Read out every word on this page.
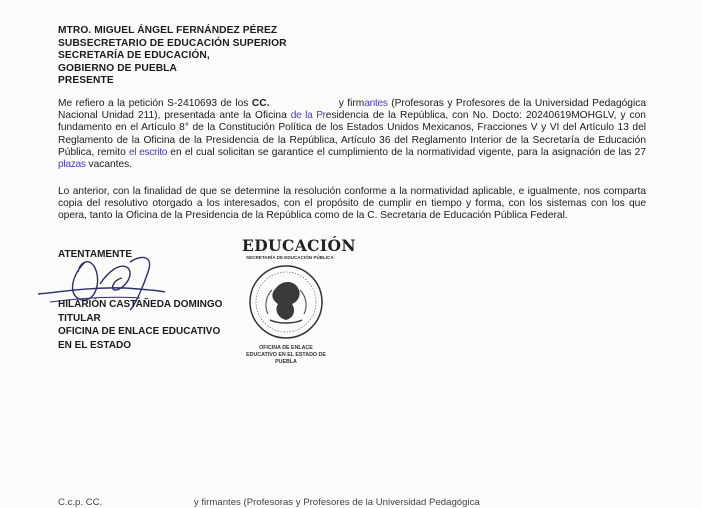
MTRO. MIGUEL ÁNGEL FERNÁNDEZ PÉREZ
SUBSECRETARIO DE EDUCACIÓN SUPERIOR
SECRETARÍA DE EDUCACIÓN,
GOBIERNO DE PUEBLA
PRESENTE
Me refiero a la petición S-2410693 de los CC.              	y firmantes (Profesoras y Profesores de la Universidad Pedagógica Nacional Unidad 211), presentada ante la Oficina de la Presidencia de la República, con No. Docto: 20240619MOHGLV, y con fundamento en el Artículo 8° de la Constitución Política de los Estados Unidos Mexicanos, Fracciones V y VI del Artículo 13 del Reglamento de la Oficina de la Presidencia de la República, Artículo 36 del Reglamento Interior de la Secretaría de Educación Pública, remito el escrito en el cual solicitan se garantice el cumplimiento de la normatividad vigente, para la asignación de las 27 plazas vacantes.
Lo anterior, con la finalidad de que se determine la resolución conforme a la normatividad aplicable, e igualmente, nos comparta copia del resolutivo otorgado a los interesados, con el propósito de cumplir en tiempo y forma, con los sistemas con los que opera, tanto la Oficina de la Presidencia de la República como de la C. Secretaria de Educación Pública Federal.
ATENTAMENTE
HILARIÓN CASTAÑEDA DOMINGO
TITULAR
OFICINA DE ENLACE EDUCATIVO
EN EL ESTADO
EDUCACIÓN
SECRETARÍA DE EDUCACIÓN PÚBLICA
OFICINA DE ENLACE
EDUCATIVO EN EL ESTADO DE
PUEBLA
C.c.p. CC.                    y firmantes (Profesoras y Profesores de la Universidad Pedagógica
